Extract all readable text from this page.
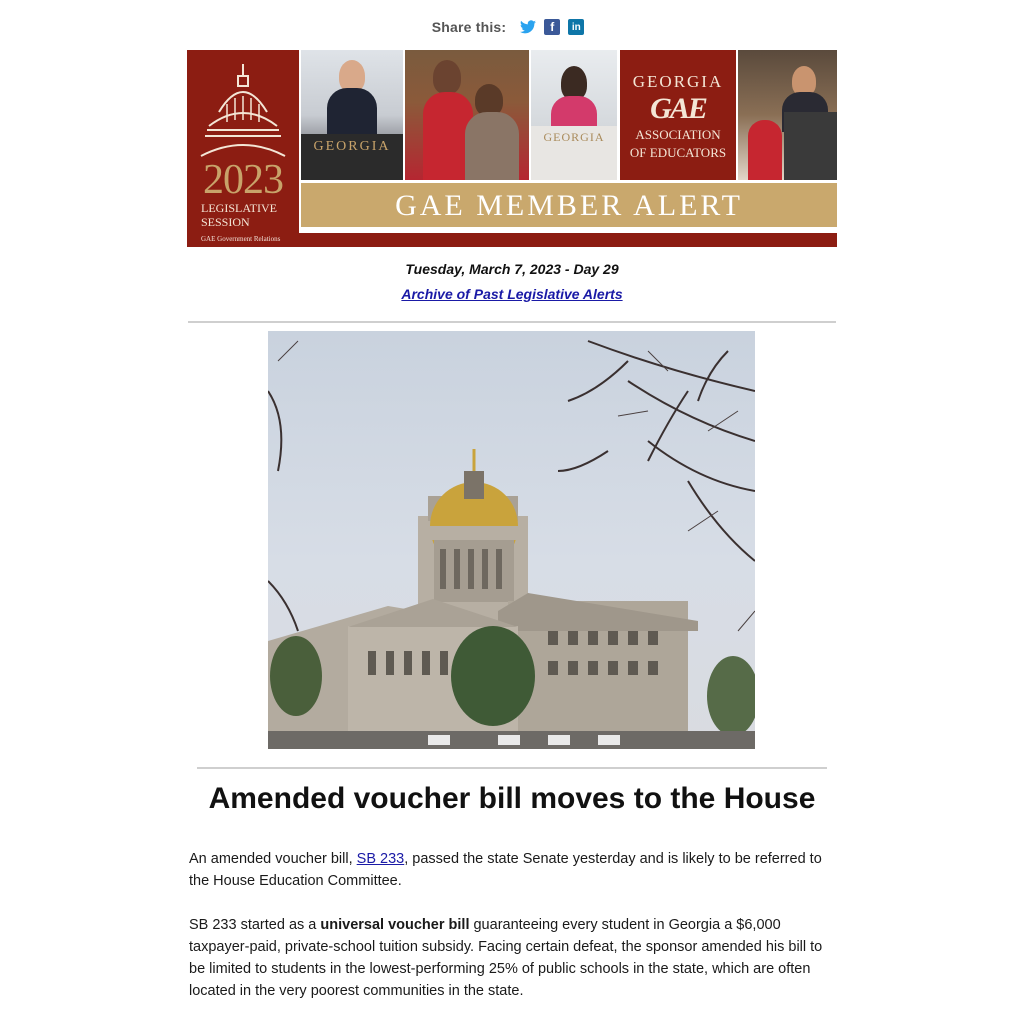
Share this:	f	in
2023
LEGISLATIVE
SESSION
GEORGIA
GEORGIA
GEORGIA
GAE
ASSOCIATION
OF EDUCATORS
GAE MEMBER ALERT
GAE Government Relations
Tuesday, March 7, 2023 - Day 29
Archive of Past Legislative Alerts
Amended voucher bill moves to the House

An amended voucher bill, SB 233, passed the state Senate yesterday and is likely to be referred to the House Education Committee.

SB 233 started as a universal voucher bill guaranteeing every student in Georgia a $6,000 taxpayer-paid, private-school tuition subsidy. Facing certain defeat, the sponsor amended his bill to be limited to students in the lowest-performing 25% of public schools in the state, which are often located in the very poorest communities in the state.
